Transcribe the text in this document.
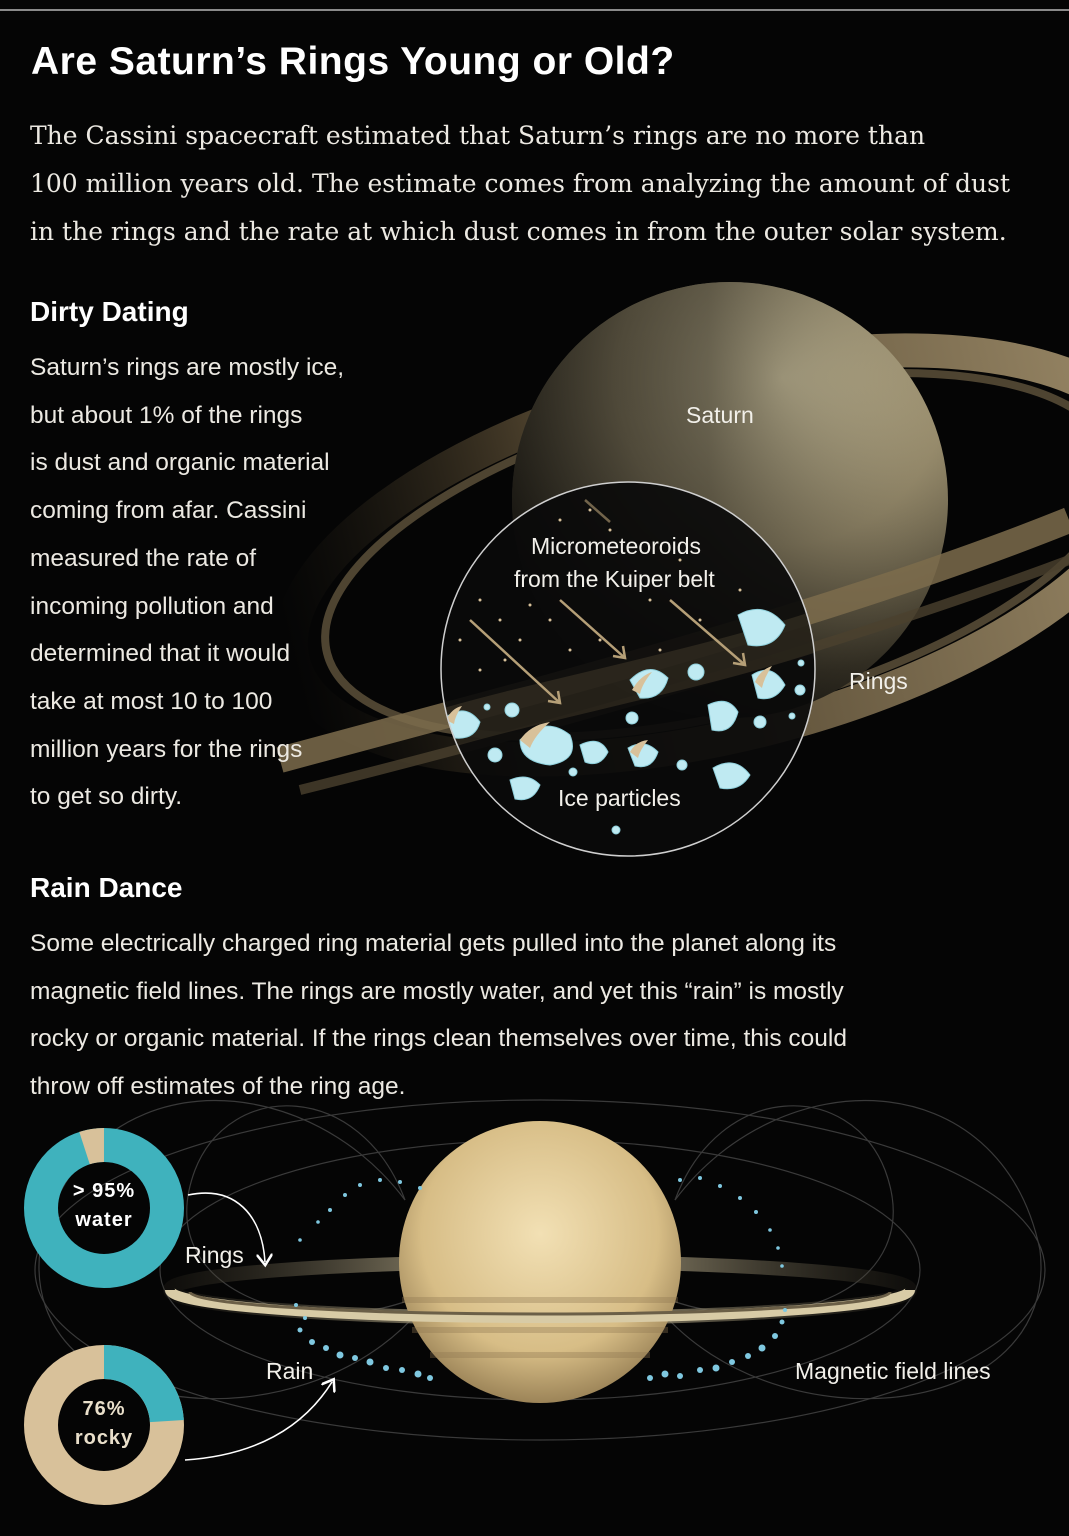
Are Saturn’s Rings Young or Old?
The Cassini spacecraft estimated that Saturn’s rings are no more than
100 million years old. The estimate comes from analyzing the amount of dust
in the rings and the rate at which dust comes in from the outer solar system.
Dirty Dating
Saturn’s rings are mostly ice,
but about 1% of the rings
is dust and organic material
coming from afar. Cassini
measured the rate of
incoming pollution and
determined that it would
take at most 10 to 100
million years for the rings
to get so dirty.
Saturn
Micrometeoroids
from the Kuiper belt
Rings
Ice particles
Rain Dance
Some electrically charged ring material gets pulled into the planet along its
magnetic field lines. The rings are mostly water, and yet this “rain” is mostly
rocky or organic material. If the rings clean themselves over time, this could
throw off estimates of the ring age.
Rings
Rain	Magnetic field lines
> 95%
water
76%
rocky
